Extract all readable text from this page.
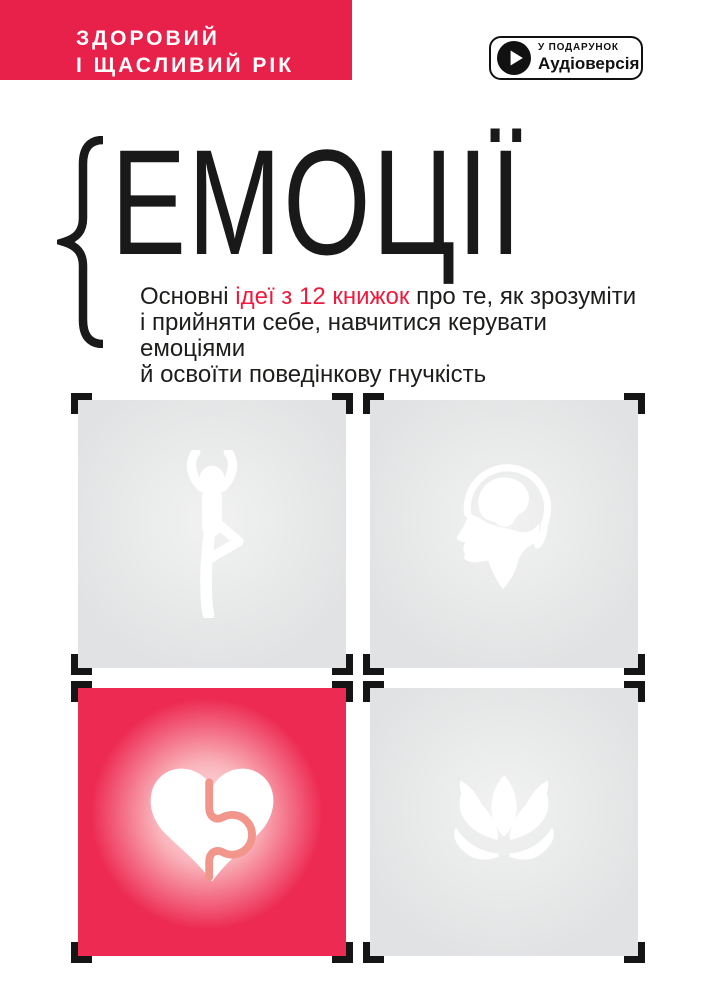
ЗДОРОВИЙ
І ЩАСЛИВИЙ РІК
У ПОДАРУНОК
Аудіоверсія
ЕМОЦІЇ
Основні ідеї з 12 книжок про те, як зрозуміти
і прийняти себе, навчитися керувати емоціями
й освоїти поведінкову гнучкість
